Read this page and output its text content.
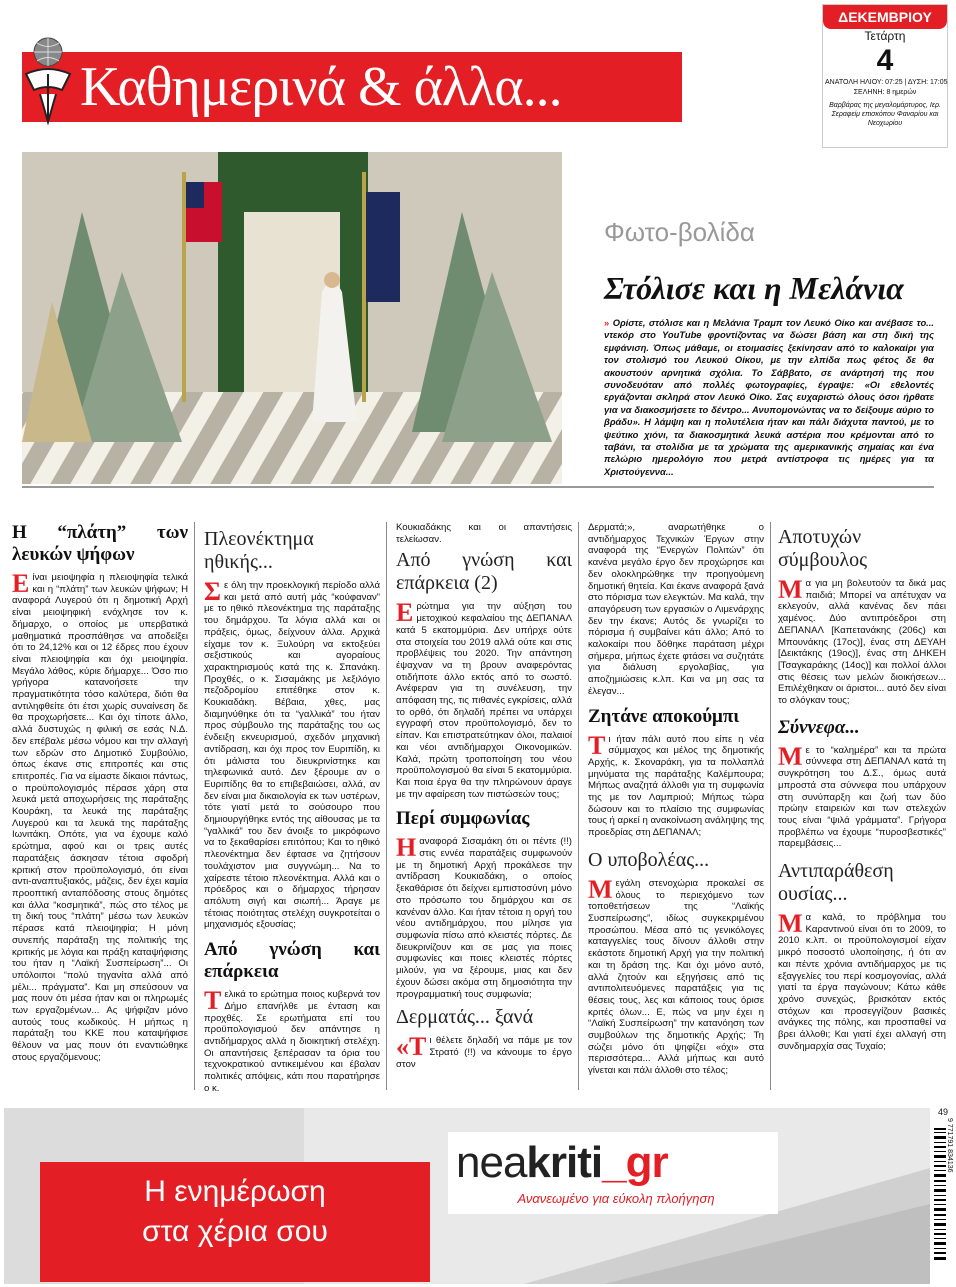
Καθημερινά & άλλα...
ΔΕΚΕΜΒΡΙΟΥ
Τετάρτη
4
ΑΝΑΤΟΛΗ ΗΛΙΟΥ: 07:25 | ΔΥΣΗ: 17:05
ΣΕΛΗΝΗ: 8 ημερών
Βαρβάρας της μεγαλομάρτυρος, Ιερ. Σεραφείμ επισκόπου Φαναρίου και Νεοχωρίου
Φωτο-βολίδα
Στόλισε και η Μελάνια
» Ορίστε, στόλισε και η Μελάνια Τραμπ τον Λευκό Οίκο και ανέβασε το... ντεκόρ στο YouTube φροντίζοντας να δώσει βάση και στη δική της εμφάνιση. Όπως μάθαμε, οι ετοιμασίες ξεκίνησαν από το καλοκαίρι για τον στολισμό του Λευκού Οίκου, με την ελπίδα πως φέτος δε θα ακουστούν αρνητικά σχόλια. Το Σάββατο, σε ανάρτησή της που συνοδευόταν από πολλές φωτογραφίες, έγραψε: «Οι εθελοντές εργάζονται σκληρά στον Λευκό Οίκο. Σας ευχαριστώ όλους όσοι ήρθατε για να διακοσμήσετε το δέντρο... Ανυπομονώντας να το δείξουμε αύριο το βράδυ». Η λάμψη και η πολυτέλεια ήταν και πάλι διάχυτα παντού, με το ψεύτικο χιόνι, τα διακοσμητικά λευκά αστέρια που κρέμονται από το ταβάνι, τα στολίδια με τα χρώματα της αμερικανικής σημαίας και ένα πελώριο ημερολόγιο που μετρά αντίστροφα τις ημέρες για τα Χριστούγεννα...
Η “πλάτη” των λευκών ψήφων

Είναι μειοψηφία η πλειοψηφία τελικά και η “πλάτη” των λευκών ψήφων; Η αναφορά Λυγερού ότι η δημοτική Αρχή είναι μειοψηφική ενόχλησε τον κ. δήμαρχο, ο οποίος με υπερβατικά μαθηματικά προσπάθησε να αποδείξει ότι το 24,12% και οι 12 έδρες που έχουν είναι πλειοψηφία και όχι μειοψηφία. Μεγάλο λάθος, κύριε δήμαρχε... Όσο πιο γρήγορα κατανοήσετε την πραγματικότητα τόσο καλύτερα, διότι θα αντιληφθείτε ότι έτσι χωρίς συναίνεση δε θα προχωρήσετε... Και όχι τίποτε άλλο, αλλά δυστυχώς η φιλική σε εσάς Ν.Δ. δεν επέβαλε μέσω νόμου και την αλλαγή των εδρών στο Δημοτικό Συμβούλιο, όπως έκανε στις επιτροπές και στις επιτροπές. Για να είμαστε δίκαιοι πάντως, ο προϋπολογισμός πέρασε χάρη στα λευκά μετά αποχωρήσεις της παράταξης Κουράκη, τα λευκά της παράταξης Λυγερού και τα λευκά της παράταξης Ιωνιτάκη. Οπότε, για να έχουμε καλό ερώτημα, αφού και οι τρεις αυτές παρατάξεις άσκησαν τέτοια σφοδρή κριτική στον προϋπολογισμό, ότι είναι αντι-αναπτυξιακός, μάζεις, δεν έχει καμία προοπτική ανταπόδοσης στους δημότες και άλλα “κοσμητικά”, πώς στο τέλος με τη δική τους “πλάτη” μέσω των λευκών πέρασε κατά πλειοψηφία; Η μόνη συνεπής παράταξη της πολιτικής της κριτικής με λόγια και πράξη καταψήφισης του ήταν η “Λαϊκή Συσπείρωση”... Οι υπόλοιποι “πολύ τηγανίτα αλλά από μέλι... πράγματα”. Και μη σπεύσουν να μας πουν ότι μέσα ήταν και οι πληρωμές των εργαζομένων... Ας ψήφιζαν μόνο αυτούς τους κωδικούς. Η μήπως η παράταξη του ΚΚΕ που καταψήφισε θέλουν να μας πουν ότι εναντιώθηκε στους εργαζόμενους;

Πλεονέκτημα ηθικής...

Σε όλη την προεκλογική περίοδο αλλά και μετά από αυτή μάς “κούφαναν” με το ηθικό πλεονέκτημα της παράταξης του δημάρχου. Τα λόγια αλλά και οι πράξεις, όμως, δείχνουν άλλα. Αρχικά είχαμε τον κ. Ξυλούρη να εκτοξεύει σεξιστικούς και αγοραίους χαρακτηρισμούς κατά της κ. Σπανάκη. Προχθές, ο κ. Σισαμάκης με λεξιλόγιο πεζοδρομίου επιτέθηκε στον κ. Κουκιαδάκη. Βέβαια, χθες, μας διαμηνύθηκε ότι τα “γαλλικά” του ήταν προς σύμβουλο της παράταξης του ως ένδειξη εκνευρισμού, σχεδόν μηχανική αντίδραση, και όχι προς τον Ευριπίδη, κι ότι μάλιστα του διευκρινίστηκε και τηλεφωνικά αυτό. Δεν ξέρουμε αν ο Ευριπίδης θα το επιβεβαιώσει, αλλά, αν δεν είναι μια δικαιολογία εκ των υστέρων, τότε γιατί μετά το σούσουρο που δημιουργήθηκε εντός της αίθουσας με τα “γαλλικά” του δεν άνοιξε το μικρόφωνο να το ξεκαθαρίσει επιτόπου; Και το ηθικό πλεονέκτημα δεν έφτασε να ζητήσουν τουλάχιστον μια συγγνώμη... Να το χαίρεστε τέτοιο πλεονέκτημα. Αλλά και ο πρόεδρος και ο δήμαρχος τήρησαν απόλυτη σιγή και σιωπή... Άραγε με τέτοιας ποιότητας στελέχη συγκροτείται ο μηχανισμός εξουσίας;

Από γνώση και επάρκεια

Τελικά το ερώτημα ποιος κυβερνά τον Δήμο επανήλθε με ένταση και προχθές. Σε ερωτήματα επί του προϋπολογισμού δεν απάντησε η αντιδήμαρχος αλλά η διοικητική στελέχη. Οι απαντήσεις ξεπέρασαν τα όρια του τεχνοκρατικού αντικειμένου και έβαλαν πολιτικές απόψεις, κάτι που παρατήρησε ο κ.

Κουκιαδάκης και οι απαντήσεις τελείωσαν.

Από γνώση και επάρκεια (2)

Ερώτημα για την αύξηση του μετοχικού κεφαλαίου της ΔΕΠΑΝΑΛ κατά 5 εκατομμύρια. Δεν υπήρχε ούτε στα στοιχεία του 2019 αλλά ούτε και στις προβλέψεις του 2020. Την απάντηση έψαχναν να τη βρουν αναφερόντας οτιδήποτε άλλο εκτός από το σωστό. Ανέφεραν για τη συνέλευση, την απόφαση της, τις πιθανές εγκρίσεις, αλλά το ορθό, ότι δηλαδή πρέπει να υπάρχει εγγραφή στον προϋπολογισμό, δεν το είπαν. Και επιστρατεύτηκαν όλοι, παλαιοί και νέοι αντιδήμαρχοι Οικονομικών. Καλά, πρώτη τροποποίηση του νέου προϋπολογισμού θα είναι 5 εκατομμύρια. Και ποια έργα θα την πληρώνουν άραγε με την αφαίρεση των πιστώσεών τους;

Περί συμφωνίας

Ηαναφορά Σισαμάκη ότι οι πέντε (!!) στις εννέα παρατάξεις συμφωνούν με τη δημοτική Αρχή προκάλεσε την αντίδραση Κουκιαδάκη, ο οποίος ξεκαθάρισε ότι δείχνει εμπιστοσύνη μόνο στο πρόσωπο του δημάρχου και σε κανέναν άλλο. Και ήταν τέτοια η οργή του νέου αντιδημάρχου, που μίλησε για συμφωνία πίσω από κλειστές πόρτες. Δε διευκρινίζουν και σε μας για ποιες συμφωνίες και ποιες κλειστές πόρτες μιλούν, για να ξέρουμε, μιας και δεν έχουν δώσει ακόμα στη δημοσιότητα την προγραμματική τους συμφωνία;

Δερματάς... ξανά

«Τι θέλετε δηλαδή να πάμε με τον Στρατό (!!) να κάνουμε το έργο στον

Δερματά;», αναρωτήθηκε ο αντιδήμαρχος Τεχνικών Έργων στην αναφορά της “Ενεργών Πολιτών” ότι κανένα μεγάλο έργο δεν προχώρησε και δεν ολοκληρώθηκε την προηγούμενη δημοτική θητεία. Και έκανε αναφορά ξανά στο πόρισμα των ελεγκτών. Μα καλά, την απαγόρευση των εργασιών ο Λιμενάρχης δεν την έκανε; Αυτός δε γνωρίζει το πόρισμα ή συμβαίνει κάτι άλλο; Από το καλοκαίρι που δόθηκε παράταση μέχρι σήμερα, μήπως έχετε φτάσει να συζητάτε για διάλυση εργολαβίας, για αποζημιώσεις κ.λπ. Και να μη σας τα έλεγαν...

Ζητάνε αποκούμπι

Τι ήταν πάλι αυτό που είπε η νέα σύμμαχος και μέλος της δημοτικής Αρχής, κ. Σκοναράκη, για τα πολλαπλά μηνύματα της παράταξης Καλέμπουρα; Μήπως αναζητά άλλοθι για τη συμφωνία της με τον Λαμπριού; Μήπως τώρα δώσουν και το πλαίσιο της συμφωνίας τους ή αρκεί η ανακοίνωση ανάληψης της προεδρίας στη ΔΕΠΑΝΑΛ;

Ο υποβολέας...

Μεγάλη στενοχώρια προκαλεί σε όλους το περιεχόμενο των τοποθετήσεων της “Λαϊκής Συσπείρωσης”, ιδίως συγκεκριμένου προσώπου. Μέσα από τις γενικόλογες καταγγελίες τους δίνουν άλλοθι στην εκάστοτε δημοτική Αρχή για την πολιτική και τη δράση της. Και όχι μόνο αυτό, αλλά ζητούν και εξηγήσεις από τις αντιπολιτευόμενες παρατάξεις για τις θέσεις τους, λες και κάποιος τους όρισε κριτές όλων... Ε, πώς να μην έχει η “Λαϊκή Συσπείρωση” την κατανόηση των συμβούλων της δημοτικής Αρχής; Τη σώζει μόνο ότι ψηφίζει «όχι» στα περισσότερα... Αλλά μήπως και αυτό γίνεται και πάλι άλλοθι στο τέλος;

Αποτυχών σύμβουλος

Μα για μη βολευτούν τα δικά μας παιδιά; Μπορεί να απέτυχαν να εκλεγούν, αλλά κανένας δεν πάει χαμένος. Δύο αντιπρόεδροι στη ΔΕΠΑΝΑΛ [Καπετανάκης (206ς) και Μπουνάκης (17ος)], ένας στη ΔΕΥΑΗ [Δεικτάκης (19ος)], ένας στη ΔΗΚΕΗ [Τσαγκαράκης (14ος)] και πολλοί άλλοι στις θέσεις των μελών διοικήσεων... Επιλέχθηκαν οι άριστοι... αυτό δεν είναι το σλόγκαν τους;

Σύννεφα...

Με το “καλημέρα” και τα πρώτα σύννεφα στη ΔΕΠΑΝΑΛ κατά τη συγκρότηση του Δ.Σ., όμως αυτά μπροστά στα σύννεφα που υπάρχουν στη συνύπαρξη και ζωή των δύο πρώην εταιρειών και των στελεχών τους είναι “ψιλά γράμματα”. Γρήγορα προβλέπω να έχουμε “πυροσβεστικές” παρεμβάσεις...

Αντιπαράθεση ουσίας...

Μα καλά, το πρόβλημα του Καραντινού είναι ότι το 2009, το 2010 κ.λπ. οι προϋπολογισμοί είχαν μικρό ποσοστό υλοποίησης, ή ότι αν και πέντε χρόνια αντιδήμαρχος με τις εξαγγελίες του περί κοσμογονίας, αλλά γιατί τα έργα παγώνουν; Κάτω κάθε χρόνο συνεχώς, βρισκόταν εκτός στόχων και προσεγγίζουν βασικές ανάγκες της πόλης, και προσπαθεί να βρει άλλοθι; Και γιατί έχει αλλαγή στη συνδημαρχία σας Τυχαίο;

Η ενημέρωση
στα χέρια σου
neakriti_gr
Ανανεωμένο για εύκολη πλοήγηση
9 771791 834136
49
